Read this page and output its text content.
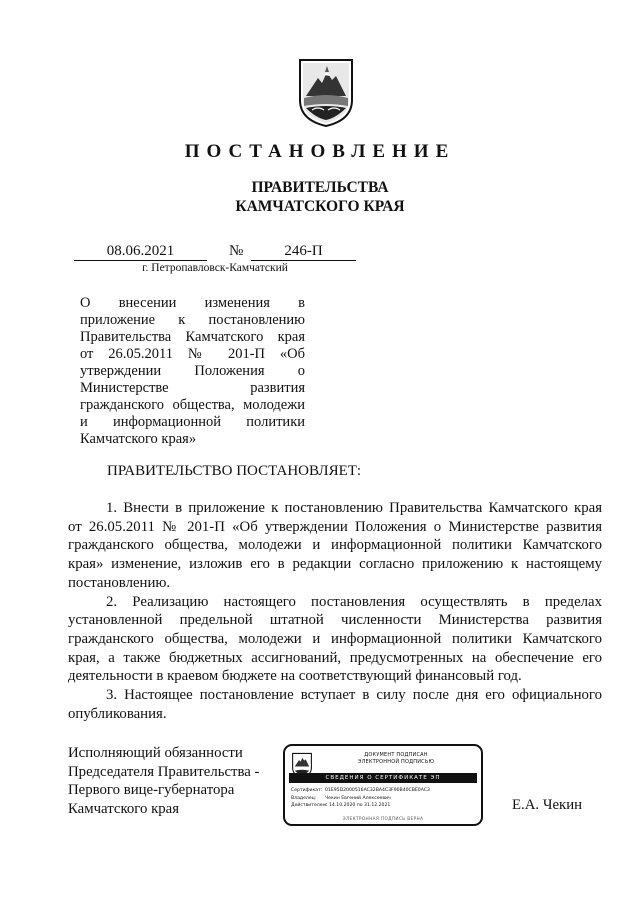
ПОСТАНОВЛЕНИЕ
ПРАВИТЕЛЬСТВА
КАМЧАТСКОГО КРАЯ
08.06.2021	№	246-П
г. Петропавловск-Камчатский
О внесении изменения в
приложение к постановлению
Правительства Камчатского края
от 26.05.2011 № 201-П «Об
утверждении Положения о
Министерстве развития
гражданского общества, молодежи
и информационной политики
Камчатского края»
ПРАВИТЕЛЬСТВО ПОСТАНОВЛЯЕТ:
1. Внести в приложение к постановлению Правительства Камчатского края
от 26.05.2011 № 201-П «Об утверждении Положения о Министерстве развития
гражданского общества, молодежи и информационной политики Камчатского
края» изменение, изложив его в редакции согласно приложению к настоящему
постановлению.
2. Реализацию настоящего постановления осуществлять в пределах
установленной предельной штатной численности Министерства развития
гражданского общества, молодежи и информационной политики Камчатского
края, а также бюджетных ассигнований, предусмотренных на обеспечение его
деятельности в краевом бюджете на соответствующий финансовый год.
3. Настоящее постановление вступает в силу после дня его официального
опубликования.
Исполняющий обязанности
Председателя Правительства -
Первого вице-губернатора
Камчатского края
ДОКУМЕНТ ПОДПИСАН
ЭЛЕКТРОННОЙ ПОДПИСЬЮ
СВЕДЕНИЯ О СЕРТИФИКАТЕ ЭП
Сертификат: 01E95D2000516AC32BA4C3F90B40CBE0AC3
Владелец:	Чекин Евгений Алексеевич
Действителен:
с 14.10.2020 по 31.12.2021
ЭЛЕКТРОННАЯ ПОДПИСЬ ВЕРНА
Е.А. Чекин
